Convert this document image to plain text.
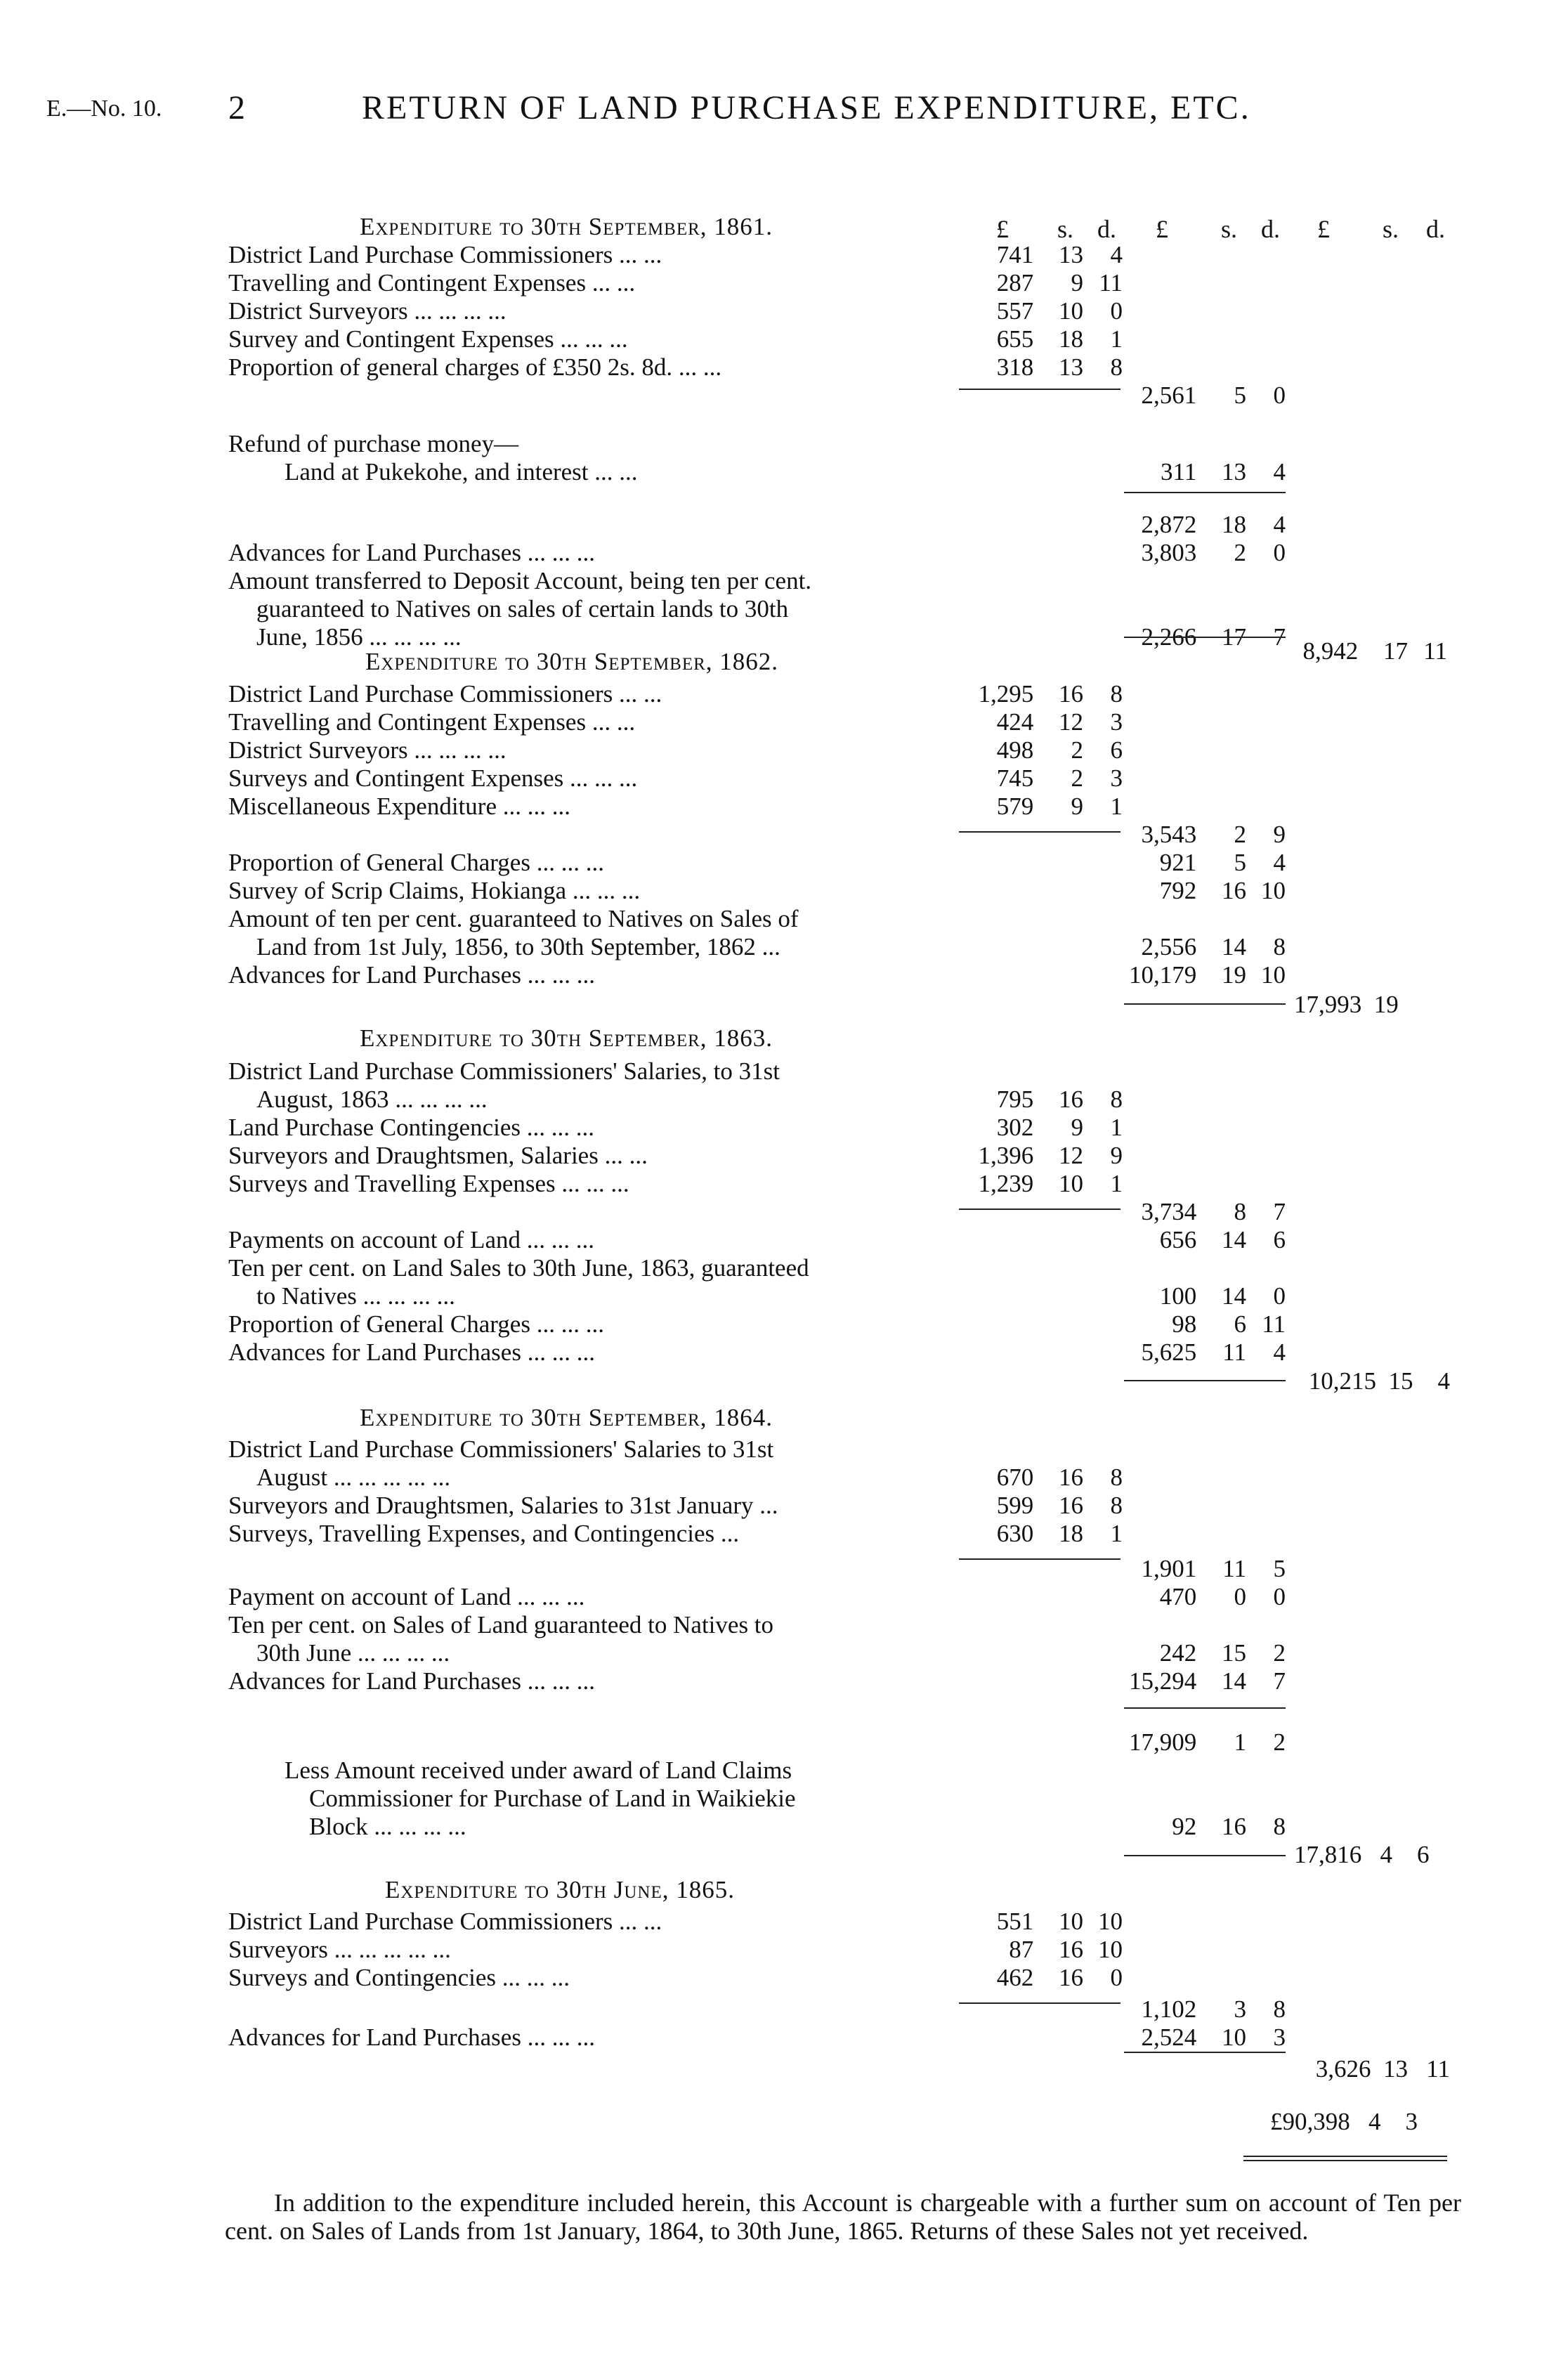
E.—No. 10. 2	RETURN OF LAND PURCHASE EXPENDITURE, ETC.
£ s. d. £ s. d. £ s. d.
Expenditure to 30th September, 1861.
District Land Purchase Commissioners ... ...	741 13 4
Travelling and Contingent Expenses ... ...	287 9 11
District Surveyors ... ... ... ...	557 10 0
Survey and Contingent Expenses ... ... ...	655 18 1
Proportion of general charges of £350 2s. 8d. ... ...	318 13 8
2,561 5 0
Refund of purchase money—
Land at Pukekohe, and interest ... ...	311 13 4
2,872 18 4
Advances for Land Purchases ... ... ...	3,803 2 0
Amount transferred to Deposit Account, being ten per cent.
guaranteed to Natives on sales of certain lands to 30th
June, 1856 ... ... ... ...	2,266 17 7
8,942 17 11
Expenditure to 30th September, 1862.
District Land Purchase Commissioners ... ...	1,295 16 8
Travelling and Contingent Expenses ... ...	424 12 3
District Surveyors ... ... ... ...	498 2 6
Surveys and Contingent Expenses ... ... ...	745 2 3
Miscellaneous Expenditure ... ... ...	579 9 1
3,543 2 9
Proportion of General Charges ... ... ...	921 5 4
Survey of Scrip Claims, Hokianga ... ... ...	792 16 10
Amount of ten per cent. guaranteed to Natives on Sales of
Land from 1st July, 1856, to 30th September, 1862 ...	2,556 14 8
Advances for Land Purchases ... ... ...	10,179 19 10
17,993 19
Expenditure to 30th September, 1863.
District Land Purchase Commissioners' Salaries, to 31st
August, 1863 ... ... ... ...	795 16 8
Land Purchase Contingencies ... ... ...	302 9 1
Surveyors and Draughtsmen, Salaries ... ...	1,396 12 9
Surveys and Travelling Expenses ... ... ...	1,239 10 1
3,734 8 7
Payments on account of Land ... ... ...	656 14 6
Ten per cent. on Land Sales to 30th June, 1863, guaranteed
to Natives ... ... ... ...	100 14 0
Proportion of General Charges ... ... ...	98 6 11
Advances for Land Purchases ... ... ...	5,625 11 4
10,215 15 4
Expenditure to 30th September, 1864.
District Land Purchase Commissioners' Salaries to 31st
August ... ... ... ... ...	670 16 8
Surveyors and Draughtsmen, Salaries to 31st January ...	599 16 8
Surveys, Travelling Expenses, and Contingencies ...	630 18 1
1,901 11 5
Payment on account of Land ... ... ...	470 0 0
Ten per cent. on Sales of Land guaranteed to Natives to
30th June ... ... ... ...	242 15 2
Advances for Land Purchases ... ... ...	15,294 14 7
17,909 1 2
Less Amount received under award of Land Claims
Commissioner for Purchase of Land in Waikiekie
Block ... ... ... ...	92 16 8
17,816 4 6
Expenditure to 30th June, 1865.
District Land Purchase Commissioners ... ...	551 10 10
Surveyors ... ... ... ... ...	87 16 10
Surveys and Contingencies ... ... ...	462 16 0
1,102 3 8
Advances for Land Purchases ... ... ...	2,524 10 3
3,626 13 11
£90,398 4 3
In addition to the expenditure included herein, this Account is chargeable with a further sum on account of Ten per cent. on Sales of Lands from 1st January, 1864, to 30th June, 1865. Returns of these Sales not yet received.
